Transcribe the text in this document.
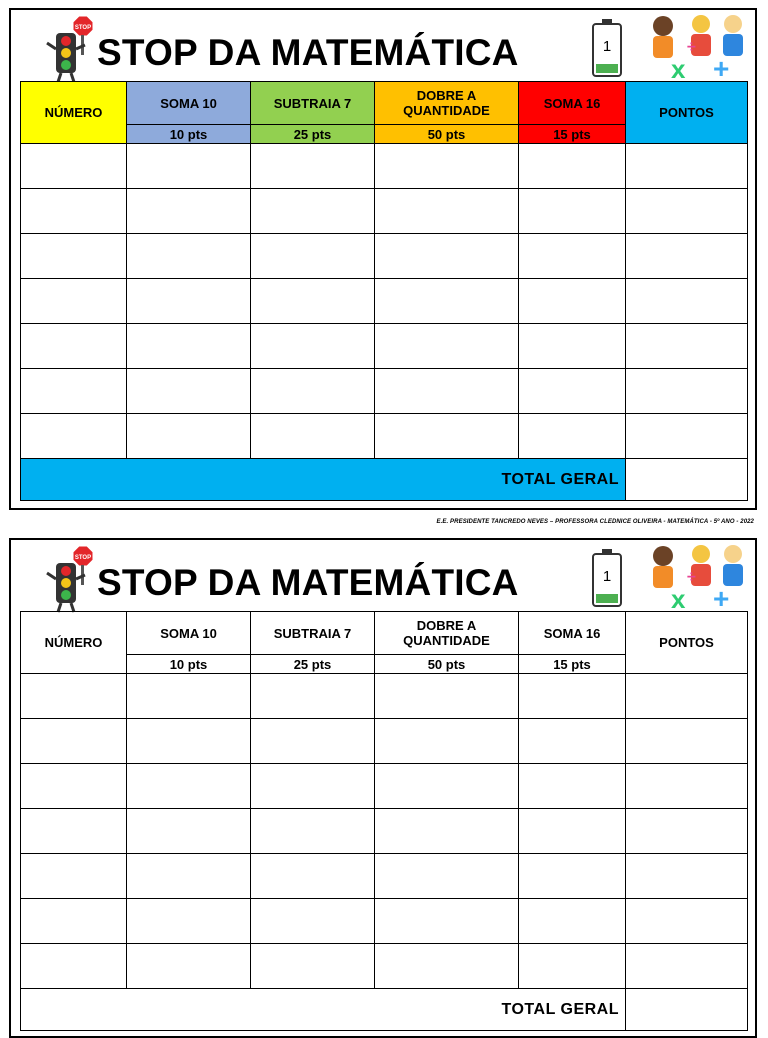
STOP
STOP DA MATEMÁTICA	1
x +
÷
NÚMERO	SOMA 10	SUBTRAIA 7	DOBRE A
QUANTIDADE	SOMA 16	PONTOS
	10 pts	25 pts	50 pts	15 pts	

TOTAL GERAL					
E.E. PRESIDENTE TANCREDO NEVES – PROFESSORA CLEDNICE OLIVEIRA - MATEMÁTICA - 5º ANO - 2022
STOP
STOP DA MATEMÁTICA	1
x +
÷
NÚMERO	SOMA 10	SUBTRAIA 7	DOBRE A
QUANTIDADE	SOMA 16	PONTOS
	10 pts	25 pts	50 pts	15 pts	

TOTAL GERAL					
